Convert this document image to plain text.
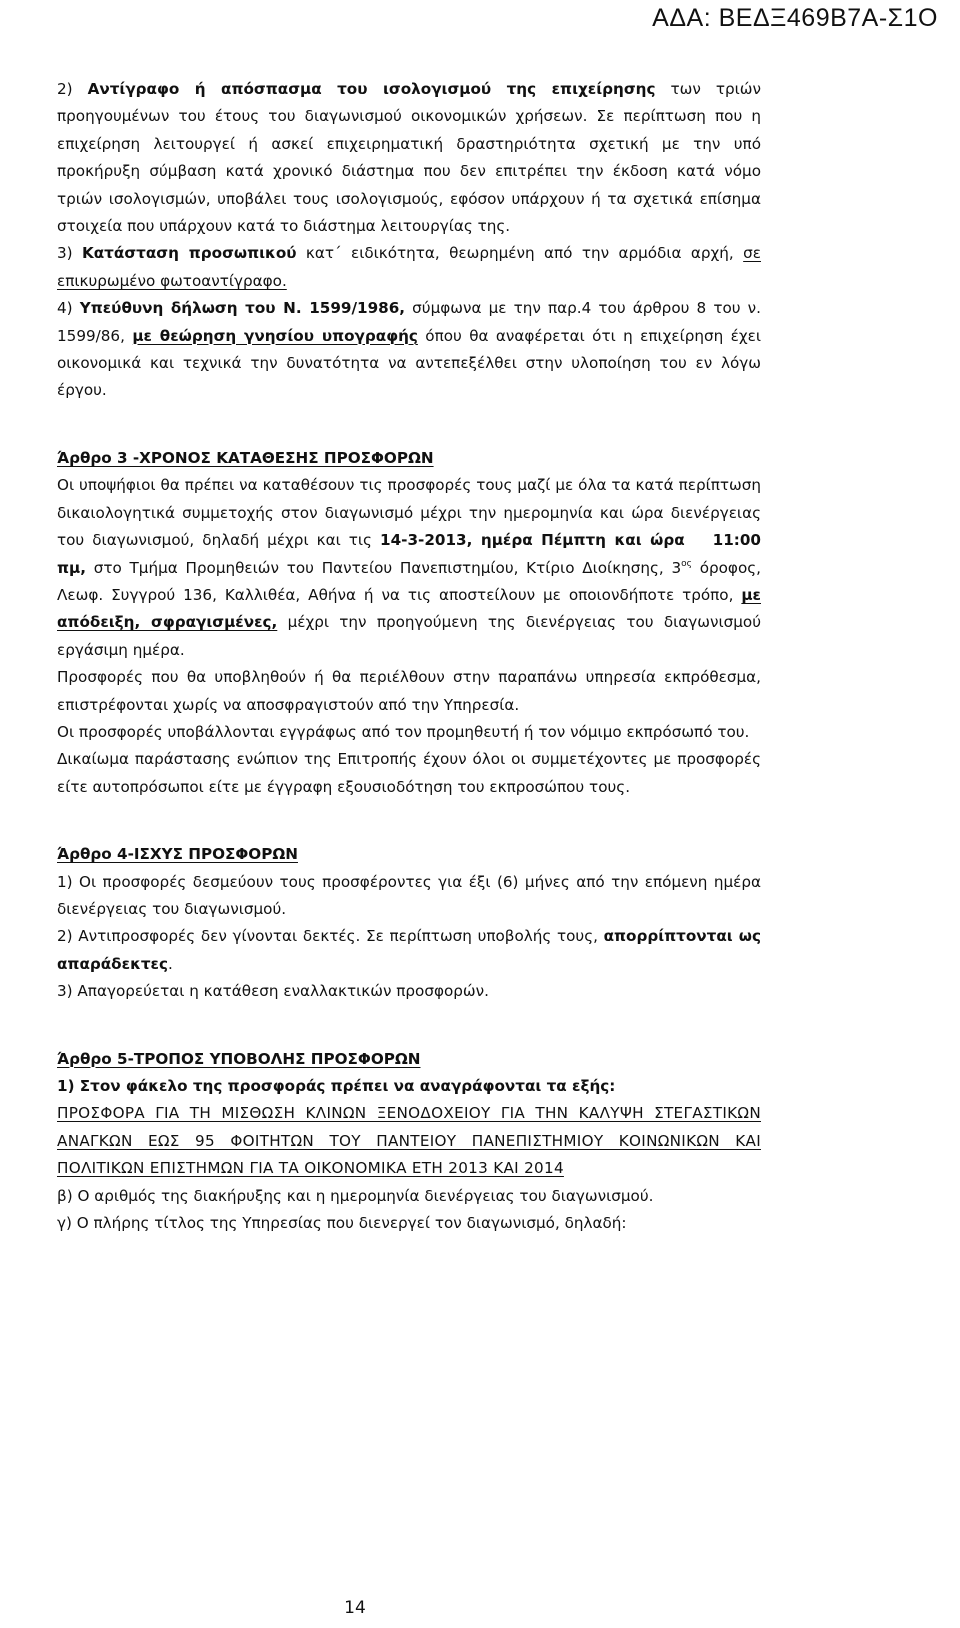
ΑΔΑ: ΒΕΔΞ469Β7Α-Σ1Ο

2) Αντίγραφο ή απόσπασμα του ισολογισμού της επιχείρησης των τριών προηγουμένων του έτους του διαγωνισμού οικονομικών χρήσεων. Σε περίπτωση που η επιχείρηση λειτουργεί ή ασκεί επιχειρηματική δραστηριότητα σχετική με την υπό προκήρυξη σύμβαση κατά χρονικό διάστημα που δεν επιτρέπει την έκδοση κατά νόμο τριών ισολογισμών, υποβάλει τους ισολογισμούς, εφόσον υπάρχουν ή τα σχετικά επίσημα στοιχεία που υπάρχουν κατά το διάστημα λειτουργίας της.

3) Κατάσταση προσωπικού κατ΄ ειδικότητα, θεωρημένη από την αρμόδια αρχή, σε επικυρωμένο φωτοαντίγραφο.

4) Υπεύθυνη δήλωση του Ν. 1599/1986, σύμφωνα με την παρ.4 του άρθρου 8 του ν. 1599/86, με θεώρηση γνησίου υπογραφής όπου θα αναφέρεται ότι η επιχείρηση έχει οικονομικά και τεχνικά την δυνατότητα να αντεπεξέλθει στην υλοποίηση του εν λόγω έργου.

Άρθρο 3 -ΧΡΟΝΟΣ ΚΑΤΑΘΕΣΗΣ ΠΡΟΣΦΟΡΩΝ

Οι υποψήφιοι θα πρέπει να καταθέσουν τις προσφορές τους μαζί με όλα τα κατά περίπτωση δικαιολογητικά συμμετοχής στον διαγωνισμό μέχρι την ημερομηνία και ώρα διενέργειας του διαγωνισμού, δηλαδή μέχρι και τις 14-3-2013, ημέρα Πέμπτη και ώρα 11:00 πμ, στο Τμήμα Προμηθειών του Παντείου Πανεπιστημίου, Κτίριο Διοίκησης, $3^{o\varsigma}$ όροφος, Λεωφ. Συγγρού 136, Καλλιθέα, Αθήνα ή να τις αποστείλουν με οποιονδήποτε τρόπο, με απόδειξη, σφραγισμένες, μέχρι την προηγούμενη της διενέργειας του διαγωνισμού εργάσιμη ημέρα.

Προσφορές που θα υποβληθούν ή θα περιέλθουν στην παραπάνω υπηρεσία εκπρόθεσμα, επιστρέφονται χωρίς να αποσφραγιστούν από την Υπηρεσία.

Οι προσφορές υποβάλλονται εγγράφως από τον προμηθευτή ή τον νόμιμο εκπρόσωπό του.

Δικαίωμα παράστασης ενώπιον της Επιτροπής έχουν όλοι οι συμμετέχοντες με προσφορές είτε αυτοπρόσωποι είτε με έγγραφη εξουσιοδότηση του εκπροσώπου τους.

Άρθρο 4-ΙΣΧΥΣ ΠΡΟΣΦΟΡΩΝ

1) Οι προσφορές δεσμεύουν τους προσφέροντες για έξι (6) μήνες από την επόμενη ημέρα διενέργειας του διαγωνισμού.

2) Αντιπροσφορές δεν γίνονται δεκτές. Σε περίπτωση υποβολής τους, απορρίπτονται ως απαράδεκτες.

3) Απαγορεύεται η κατάθεση εναλλακτικών προσφορών.

Άρθρο 5-ΤΡΟΠΟΣ ΥΠΟΒΟΛΗΣ ΠΡΟΣΦΟΡΩΝ

1) Στον φάκελο της προσφοράς πρέπει να αναγράφονται τα εξής:

ΠΡΟΣΦΟΡΑ ΓΙΑ ΤΗ ΜΙΣΘΩΣΗ ΚΛΙΝΩΝ ΞΕΝΟΔΟΧΕΙΟΥ ΓΙΑ ΤΗΝ ΚΑΛΥΨΗ ΣΤΕΓΑΣΤΙΚΩΝ ΑΝΑΓΚΩΝ ΕΩΣ 95 ΦΟΙΤΗΤΩΝ ΤΟΥ ΠΑΝΤΕΙΟΥ ΠΑΝΕΠΙΣΤΗΜΙΟΥ ΚΟΙΝΩΝΙΚΩΝ ΚΑΙ ΠΟΛΙΤΙΚΩΝ ΕΠΙΣΤΗΜΩΝ ΓΙΑ ΤΑ ΟΙΚΟΝΟΜΙΚΑ ΕΤΗ 2013 ΚΑΙ 2014

β) Ο αριθμός της διακήρυξης και η ημερομηνία διενέργειας του διαγωνισμού.

γ) Ο πλήρης τίτλος της Υπηρεσίας που διενεργεί τον διαγωνισμό, δηλαδή:

14
